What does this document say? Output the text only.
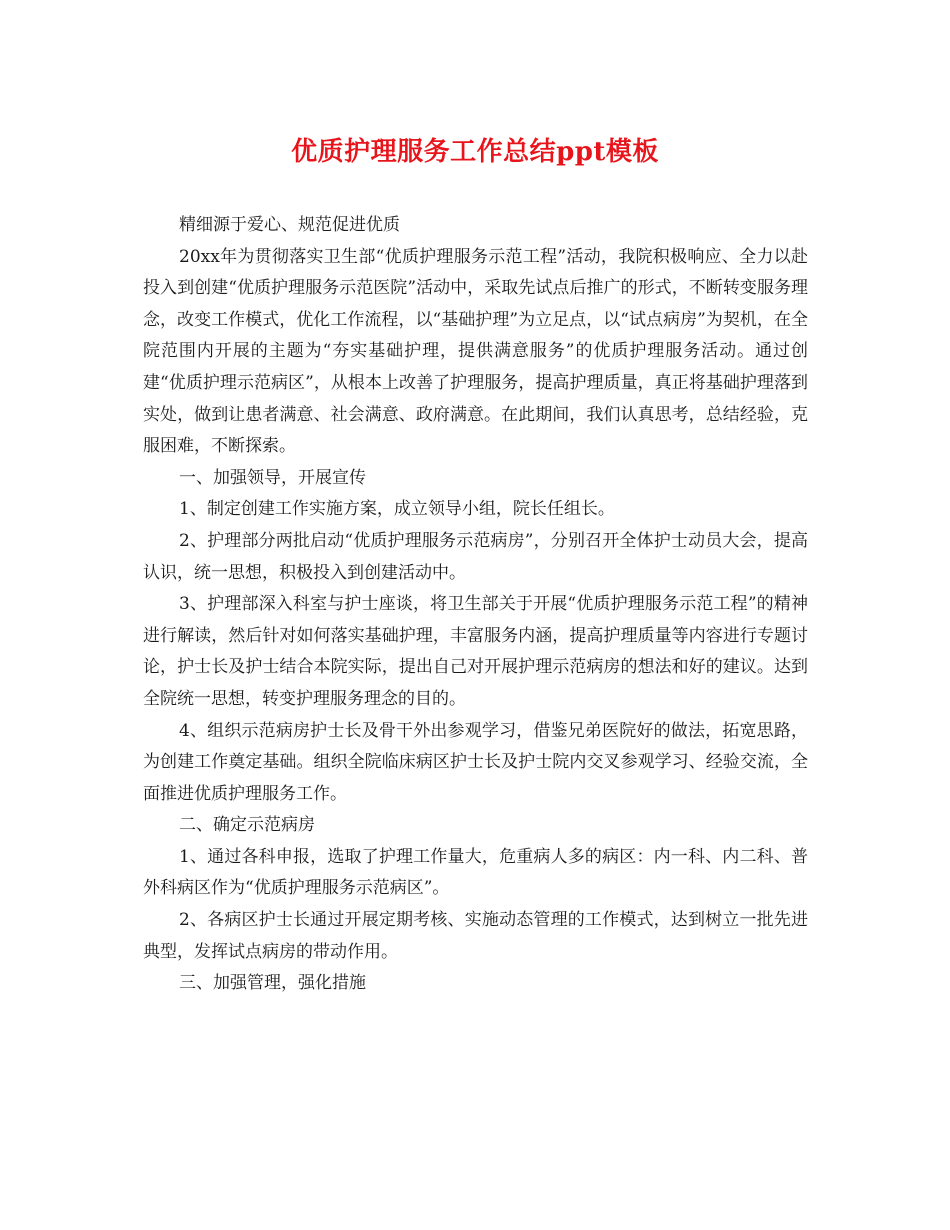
优质护理服务工作总结ppt模板

精细源于爱心、规范促进优质

20xx年为贯彻落实卫生部“优质护理服务示范工程”活动，我院积极响应、全力以赴投入到创建“优质护理服务示范医院”活动中，采取先试点后推广的形式，不断转变服务理念，改变工作模式，优化工作流程，以“基础护理”为立足点，以“试点病房”为契机，在全院范围内开展的主题为“夯实基础护理，提供满意服务”的优质护理服务活动。通过创建“优质护理示范病区”，从根本上改善了护理服务，提高护理质量，真正将基础护理落到实处，做到让患者满意、社会满意、政府满意。在此期间，我们认真思考，总结经验，克服困难，不断探索。

一、加强领导，开展宣传

1、制定创建工作实施方案，成立领导小组，院长任组长。

2、护理部分两批启动“优质护理服务示范病房”，分别召开全体护士动员大会，提高认识，统一思想，积极投入到创建活动中。

3、护理部深入科室与护士座谈，将卫生部关于开展“优质护理服务示范工程”的精神进行解读，然后针对如何落实基础护理，丰富服务内涵，提高护理质量等内容进行专题讨论，护士长及护士结合本院实际，提出自己对开展护理示范病房的想法和好的建议。达到全院统一思想，转变护理服务理念的目的。

4、组织示范病房护士长及骨干外出参观学习，借鉴兄弟医院好的做法，拓宽思路，为创建工作奠定基础。组织全院临床病区护士长及护士院内交叉参观学习、经验交流，全面推进优质护理服务工作。

二、确定示范病房

1、通过各科申报，选取了护理工作量大，危重病人多的病区：内一科、内二科、普外科病区作为“优质护理服务示范病区”。

2、各病区护士长通过开展定期考核、实施动态管理的工作模式，达到树立一批先进典型，发挥试点病房的带动作用。

三、加强管理，强化措施
